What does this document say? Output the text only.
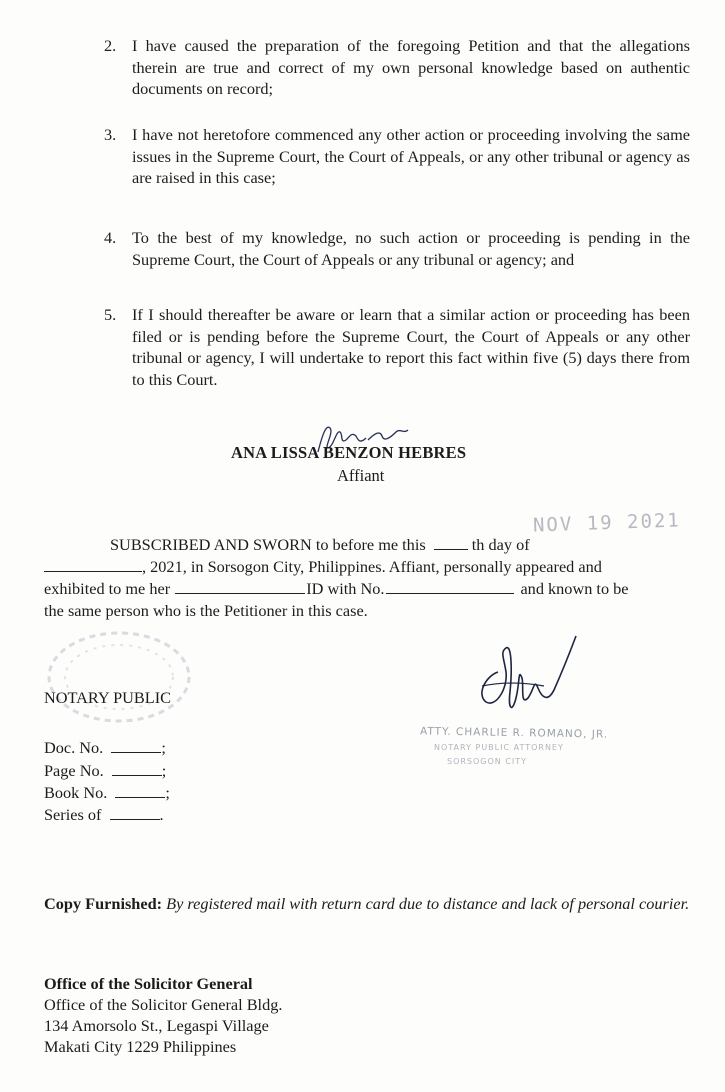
2. I have caused the preparation of the foregoing Petition and that the allegations therein are true and correct of my own personal knowledge based on authentic documents on record;
3. I have not heretofore commenced any other action or proceeding involving the same issues in the Supreme Court, the Court of Appeals, or any other tribunal or agency as are raised in this case;
4. To the best of my knowledge, no such action or proceeding is pending in the Supreme Court, the Court of Appeals or any tribunal or agency; and
5. If I should thereafter be aware or learn that a similar action or proceeding has been filed or is pending before the Supreme Court, the Court of Appeals or any other tribunal or agency, I will undertake to report this fact within five (5) days there from to this Court.
ANA LISSA BENZON HEBRES
Affiant
NOV 19 2021
SUBSCRIBED AND SWORN to before me this	th day of
, 2021, in Sorsogon City, Philippines. Affiant, personally appeared and
exhibited to me her	ID with No.	and known to be
the same person who is the Petitioner in this case.
NOTARY PUBLIC
ATTY. CHARLIE R. ROMANO, JR.
NOTARY PUBLIC ATTORNEY
SORSOGON CITY
Doc. No.	;
Page No.	;
Book No.	;
Series of	.
Copy Furnished: By registered mail with return card due to distance and lack of personal courier.
Office of the Solicitor General
Office of the Solicitor General Bldg.
134 Amorsolo St., Legaspi Village
Makati City 1229 Philippines
